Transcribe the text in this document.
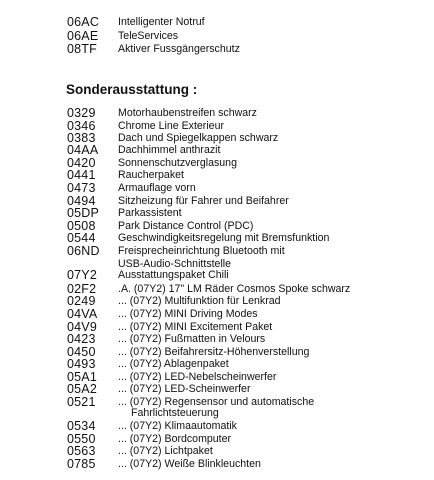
06AC Intelligenter Notruf
06AE TeleServices
08TF Aktiver Fussgängerschutz
Sonderausstattung :
0329 Motorhaubenstreifen schwarz
0346 Chrome Line Exterieur
0383 Dach und Spiegelkappen schwarz
04AA Dachhimmel anthrazit
0420 Sonnenschutzverglasung
0441 Raucherpaket
0473 Armauflage vorn
0494 Sitzheizung für Fahrer und Beifahrer
05DP Parkassistent
0508 Park Distance Control (PDC)
0544 Geschwindigkeitsregelung mit Bremsfunktion
06ND Freisprecheinrichtung Bluetooth mit
USB-Audio-Schnittstelle
07Y2 Ausstattungspaket Chili
02F2 .A. (07Y2) 17" LM Räder Cosmos Spoke schwarz
0249 ... (07Y2) Multifunktion für Lenkrad
04VA ... (07Y2) MINI Driving Modes
04V9 ... (07Y2) MINI Excitement Paket
0423 ... (07Y2) Fußmatten in Velours
0450 ... (07Y2) Beifahrersitz-Höhenverstellung
0493 ... (07Y2) Ablagenpaket
05A1 ... (07Y2) LED-Nebelscheinwerfer
05A2 ... (07Y2) LED-Scheinwerfer
0521 ... (07Y2) Regensensor und automatische
Fahrlichtsteuerung
0534 ... (07Y2) Klimaautomatik
0550 ... (07Y2) Bordcomputer
0563 ... (07Y2) Lichtpaket
0785 ... (07Y2) Weiße Blinkleuchten
